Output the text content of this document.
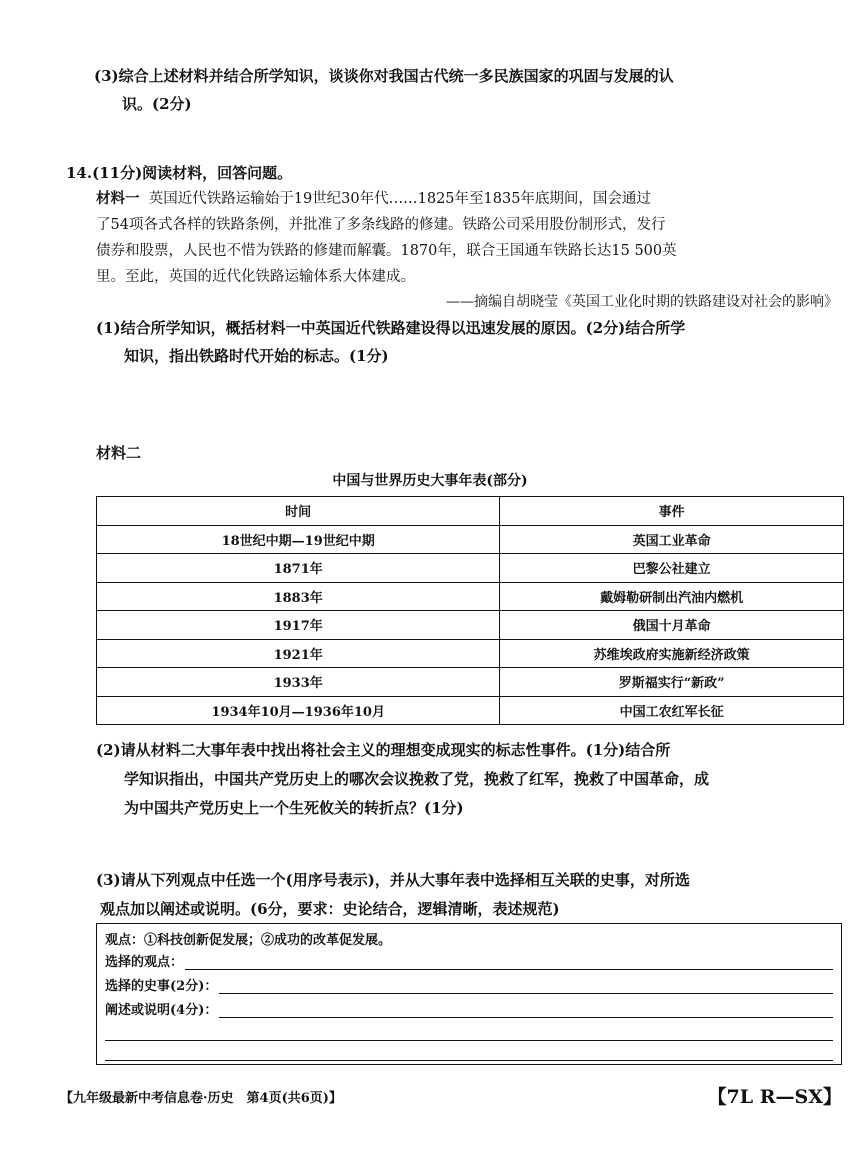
(3)综合上述材料并结合所学知识，谈谈你对我国古代统一多民族国家的巩固与发展的认
识。(2分)
14.(11分)阅读材料，回答问题。
材料一 英国近代铁路运输始于19世纪30年代……1825年至1835年底期间，国会通过
了54项各式各样的铁路条例，并批准了多条线路的修建。铁路公司采用股份制形式，发行
债券和股票，人民也不惜为铁路的修建而解囊。1870年，联合王国通车铁路长达15 500英
里。至此，英国的近代化铁路运输体系大体建成。
——摘编自胡晓莹《英国工业化时期的铁路建设对社会的影响》
(1)结合所学知识，概括材料一中英国近代铁路建设得以迅速发展的原因。(2分)结合所学
知识，指出铁路时代开始的标志。(1分)
材料二
中国与世界历史大事年表(部分)
时间	事件
18世纪中期—19世纪中期	英国工业革命
1871年	巴黎公社建立
1883年	戴姆勒研制出汽油内燃机
1917年	俄国十月革命
1921年	苏维埃政府实施新经济政策
1933年	罗斯福实行“新政”
1934年10月—1936年10月	中国工农红军长征
(2)请从材料二大事年表中找出将社会主义的理想变成现实的标志性事件。(1分)结合所
学知识指出，中国共产党历史上的哪次会议挽救了党，挽救了红军，挽救了中国革命，成
为中国共产党历史上一个生死攸关的转折点？(1分)
(3)请从下列观点中任选一个(用序号表示)，并从大事年表中选择相互关联的史事，对所选
观点加以阐述或说明。(6分，要求：史论结合，逻辑清晰，表述规范)
观点：①科技创新促发展；②成功的改革促发展。
选择的观点：
选择的史事(2分)：
阐述或说明(4分)：
【九年级最新中考信息卷·历史　第4页(共6页)】	【7L R—SX】
